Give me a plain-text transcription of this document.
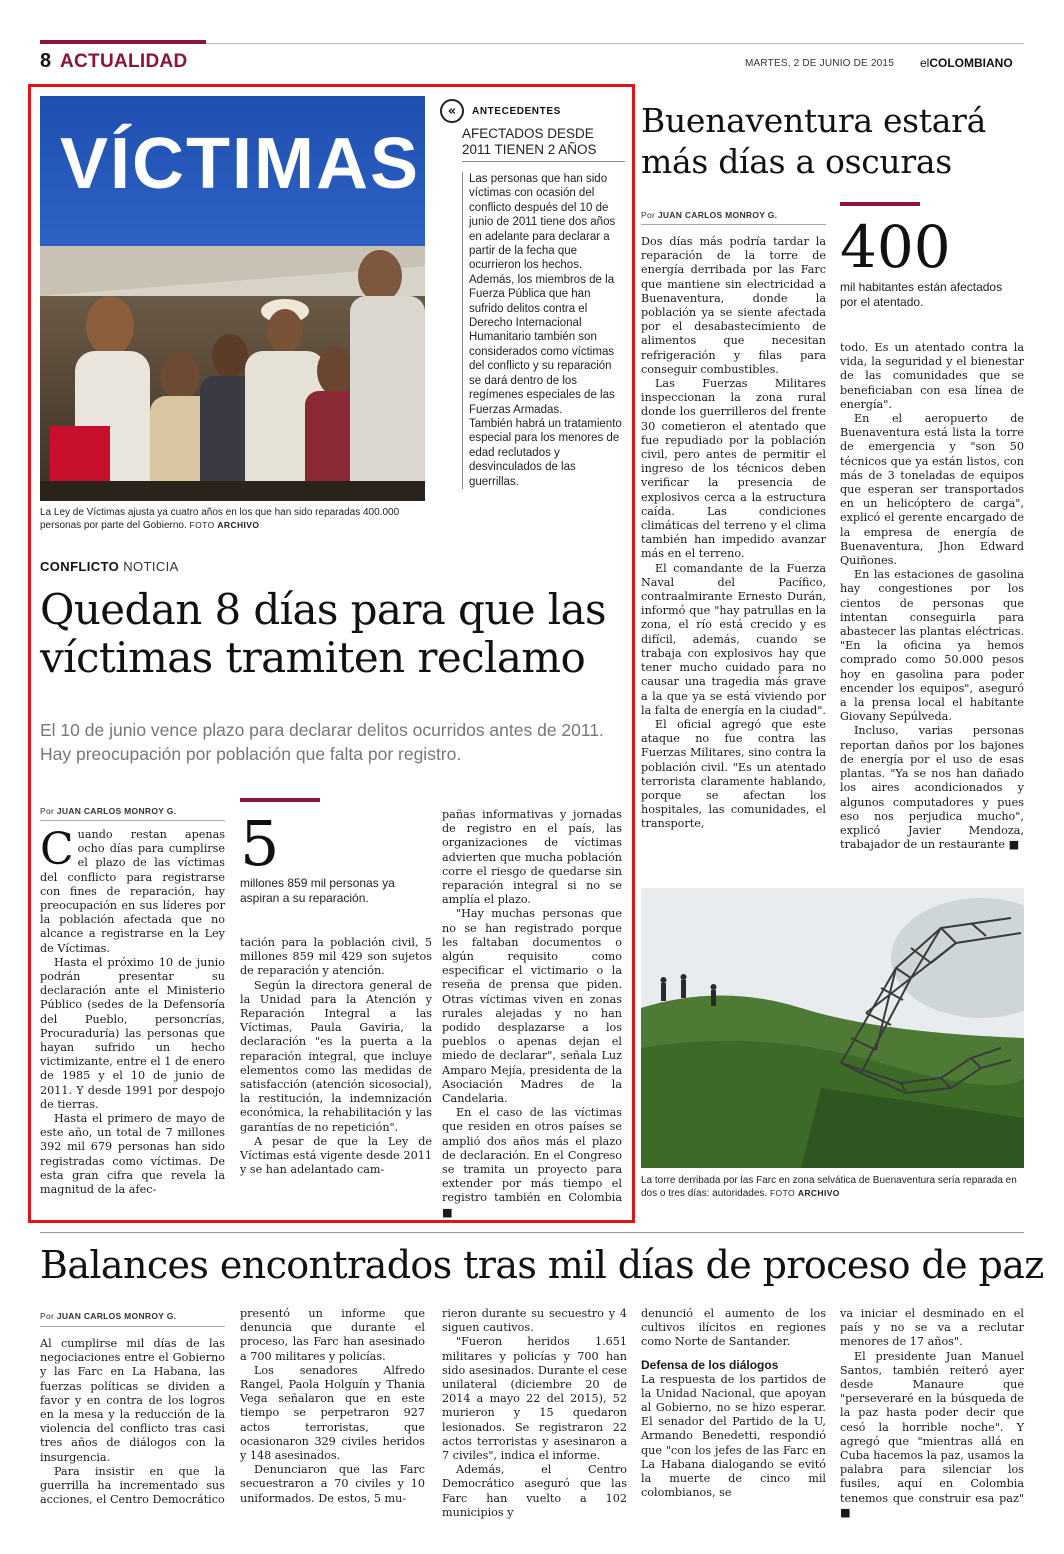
8 ACTUALIDAD	MARTES, 2 DE JUNIO DE 2015 elCOLOMBIANO
VÍCTIMAS
La Ley de Víctimas ajusta ya cuatro años en los que han sido reparadas 400.000 personas por parte del Gobierno. FOTO ARCHIVO
«	ANTECEDENTES
AFECTADOS DESDE 2011 TIENEN 2 AÑOS

Las personas que han sido víctimas con ocasión del conflicto después del 10 de junio de 2011 tiene dos años en adelante para declarar a partir de la fecha que ocurrieron los hechos.

Además, los miembros de la Fuerza Pública que han sufrido delitos contra el Derecho Internacional Humanitario también son considerados como víctimas del conflicto y su reparación se dará dentro de los regímenes especiales de las Fuerzas Armadas.

También habrá un tratamiento especial para los menores de edad reclutados y desvinculados de las guerrillas.

CONFLICTO NOTICIA
Quedan 8 días para que las víctimas tramiten reclamo
El 10 de junio vence plazo para declarar delitos ocurridos antes de 2011. Hay preocupación por población que falta por registro.
Por JUAN CARLOS MONROY G. 5
millones 859 mil personas ya aspiran a su reparación.

Cuando restan apenas ocho días para cumplirse el plazo de las víctimas del conflicto para registrarse con fines de reparación, hay preocupación en sus líderes por la población afectada que no alcance a registrarse en la Ley de Víctimas.

Hasta el próximo 10 de junio podrán presentar su declaración ante el Ministerio Público (sedes de la Defensoría del Pueblo, personcrías, Procuraduría) las personas que hayan sufrido un hecho victimizante, entre el 1 de enero de 1985 y el 10 de junio de 2011. Y desde 1991 por despojo de tierras.

Hasta el primero de mayo de este año, un total de 7 millones 392 mil 679 personas han sido registradas como víctimas. De esta gran cifra que revela la magnitud de la afec-

tación para la población civil, 5 millones 859 mil 429 son sujetos de reparación y atención.

Según la directora general de la Unidad para la Atención y Reparación Integral a las Víctimas, Paula Gaviria, la declaración "es la puerta a la reparación integral, que incluye elementos como las medidas de satisfacción (atención sicosocial), la restitución, la indemnización económica, la rehabilitación y las garantías de no repetición".

A pesar de que la Ley de Víctimas está vigente desde 2011 y se han adelantado cam-

pañas informativas y jornadas de registro en el país, las organizaciones de víctimas advierten que mucha población corre el riesgo de quedarse sin reparación integral si no se amplía el plazo.

"Hay muchas personas que no se han registrado porque les faltaban documentos o algún requisito como especificar el victimario o la reseña de prensa que piden. Otras víctimas viven en zonas rurales alejadas y no han podido desplazarse a los pueblos o apenas dejan el miedo de declarar", señala Luz Amparo Mejía, presidenta de la Asociación Madres de la Candelaria.

En el caso de las víctimas que residen en otros países se amplió dos años más el plazo de declaración. En el Congreso se tramita un proyecto para extender por más tiempo el registro también en Colombia ■

Buenaventura estará más días a oscuras
Por JUAN CARLOS MONROY G. 400
mil habitantes están afectados por el atentado.

Dos días más podría tardar la reparación de la torre de energía derribada por las Farc que mantiene sin electricidad a Buenaventura, donde la población ya se siente afectada por el desabastecimiento de alimentos que necesitan refrigeración y filas para conseguir combustibles.

Las Fuerzas Militares inspeccionan la zona rural donde los guerrilleros del frente 30 cometieron el atentado que fue repudiado por la población civil, pero antes de permitir el ingreso de los técnicos deben verificar la presencia de explosivos cerca a la estructura caída. Las condiciones climáticas del terreno y el clima también han impedido avanzar más en el terreno.

El comandante de la Fuerza Naval del Pacífico, contraalmirante Ernesto Durán, informó que "hay patrullas en la zona, el río está crecido y es difícil, además, cuando se trabaja con explosivos hay que tener mucho cuidado para no causar una tragedia más grave a la que ya se está viviendo por la falta de energía en la ciudad".

El oficial agregó que este ataque no fue contra las Fuerzas Militares, sino contra la población civil. "Es un atentado terrorista claramente hablando, porque se afectan los hospitales, las comunidades, el transporte,

todo. Es un atentado contra la vida, la seguridad y el bienestar de las comunidades que se beneficiaban con esa línea de energía".

En el aeropuerto de Buenaventura está lista la torre de emergencia y "son 50 técnicos que ya están listos, con más de 3 toneladas de equipos que esperan ser transportados en un helicóptero de carga", explicó el gerente encargado de la empresa de energía de Buenaventura, Jhon Edward Quiñones.

En las estaciones de gasolina hay congestiones por los cientos de personas que intentan conseguirla para abastecer las plantas eléctricas. "En la oficina ya hemos comprado como 50.000 pesos hoy en gasolina para poder encender los equipos", aseguró a la prensa local el habitante Giovany Sepúlveda.

Incluso, varias personas reportan daños por los bajones de energía por el uso de esas plantas. "Ya se nos han dañado los aires acondicionados y algunos computadores y pues eso nos perjudica mucho", explicó Javier Mendoza, trabajador de un restaurante ■

La torre derribada por las Farc en zona selvática de Buenaventura sería reparada en dos o tres días: autoridades. FOTO ARCHIVO
Balances encontrados tras mil días de proceso de paz
Por JUAN CARLOS MONROY G.

Al cumplirse mil días de las negociaciones entre el Gobierno y las Farc en La Habana, las fuerzas políticas se dividen a favor y en contra de los logros en la mesa y la reducción de la violencia del conflicto tras casi tres años de diálogos con la insurgencia.

Para insistir en que la guerrilla ha incrementado sus acciones, el Centro Democrático

presentó un informe que denuncia que durante el proceso, las Farc han asesinado a 700 militares y policías.

Los senadores Alfredo Rangel, Paola Holguín y Thania Vega señalaron que en este tiempo se perpetraron 927 actos terroristas, que ocasionaron 329 civiles heridos y 148 asesinados.

Denunciaron que las Farc secuestraron a 70 civiles y 10 uniformados. De estos, 5 mu-

rieron durante su secuestro y 4 siguen cautivos.

"Fueron heridos 1.651 militares y policías y 700 han sido asesinados. Durante el cese unilateral (diciembre 20 de 2014 a mayo 22 del 2015), 52 murieron y 15 quedaron lesionados. Se registraron 22 actos terroristas y asesinaron a 7 civiles", indica el informe.

Además, el Centro Democrático aseguró que las Farc han vuelto a 102 municipios y

denunció el aumento de los cultivos ilícitos en regiones como Norte de Santander.

Defensa de los diálogos

La respuesta de los partidos de la Unidad Nacional, que apoyan al Gobierno, no se hizo esperar. El senador del Partido de la U, Armando Benedetti, respondió que "con los jefes de las Farc en La Habana dialogando se evitó la muerte de cinco mil colombianos, se

va iniciar el desminado en el país y no se va a reclutar menores de 17 años".

El presidente Juan Manuel Santos, también reiteró ayer desde Manaure que "perseveraré en la búsqueda de la paz hasta poder decir que cesó la horrible noche". Y agregó que "mientras allá en Cuba hacemos la paz, usamos la palabra para silenciar los fusiles, aquí en Colombia tenemos que construir esa paz" ■
